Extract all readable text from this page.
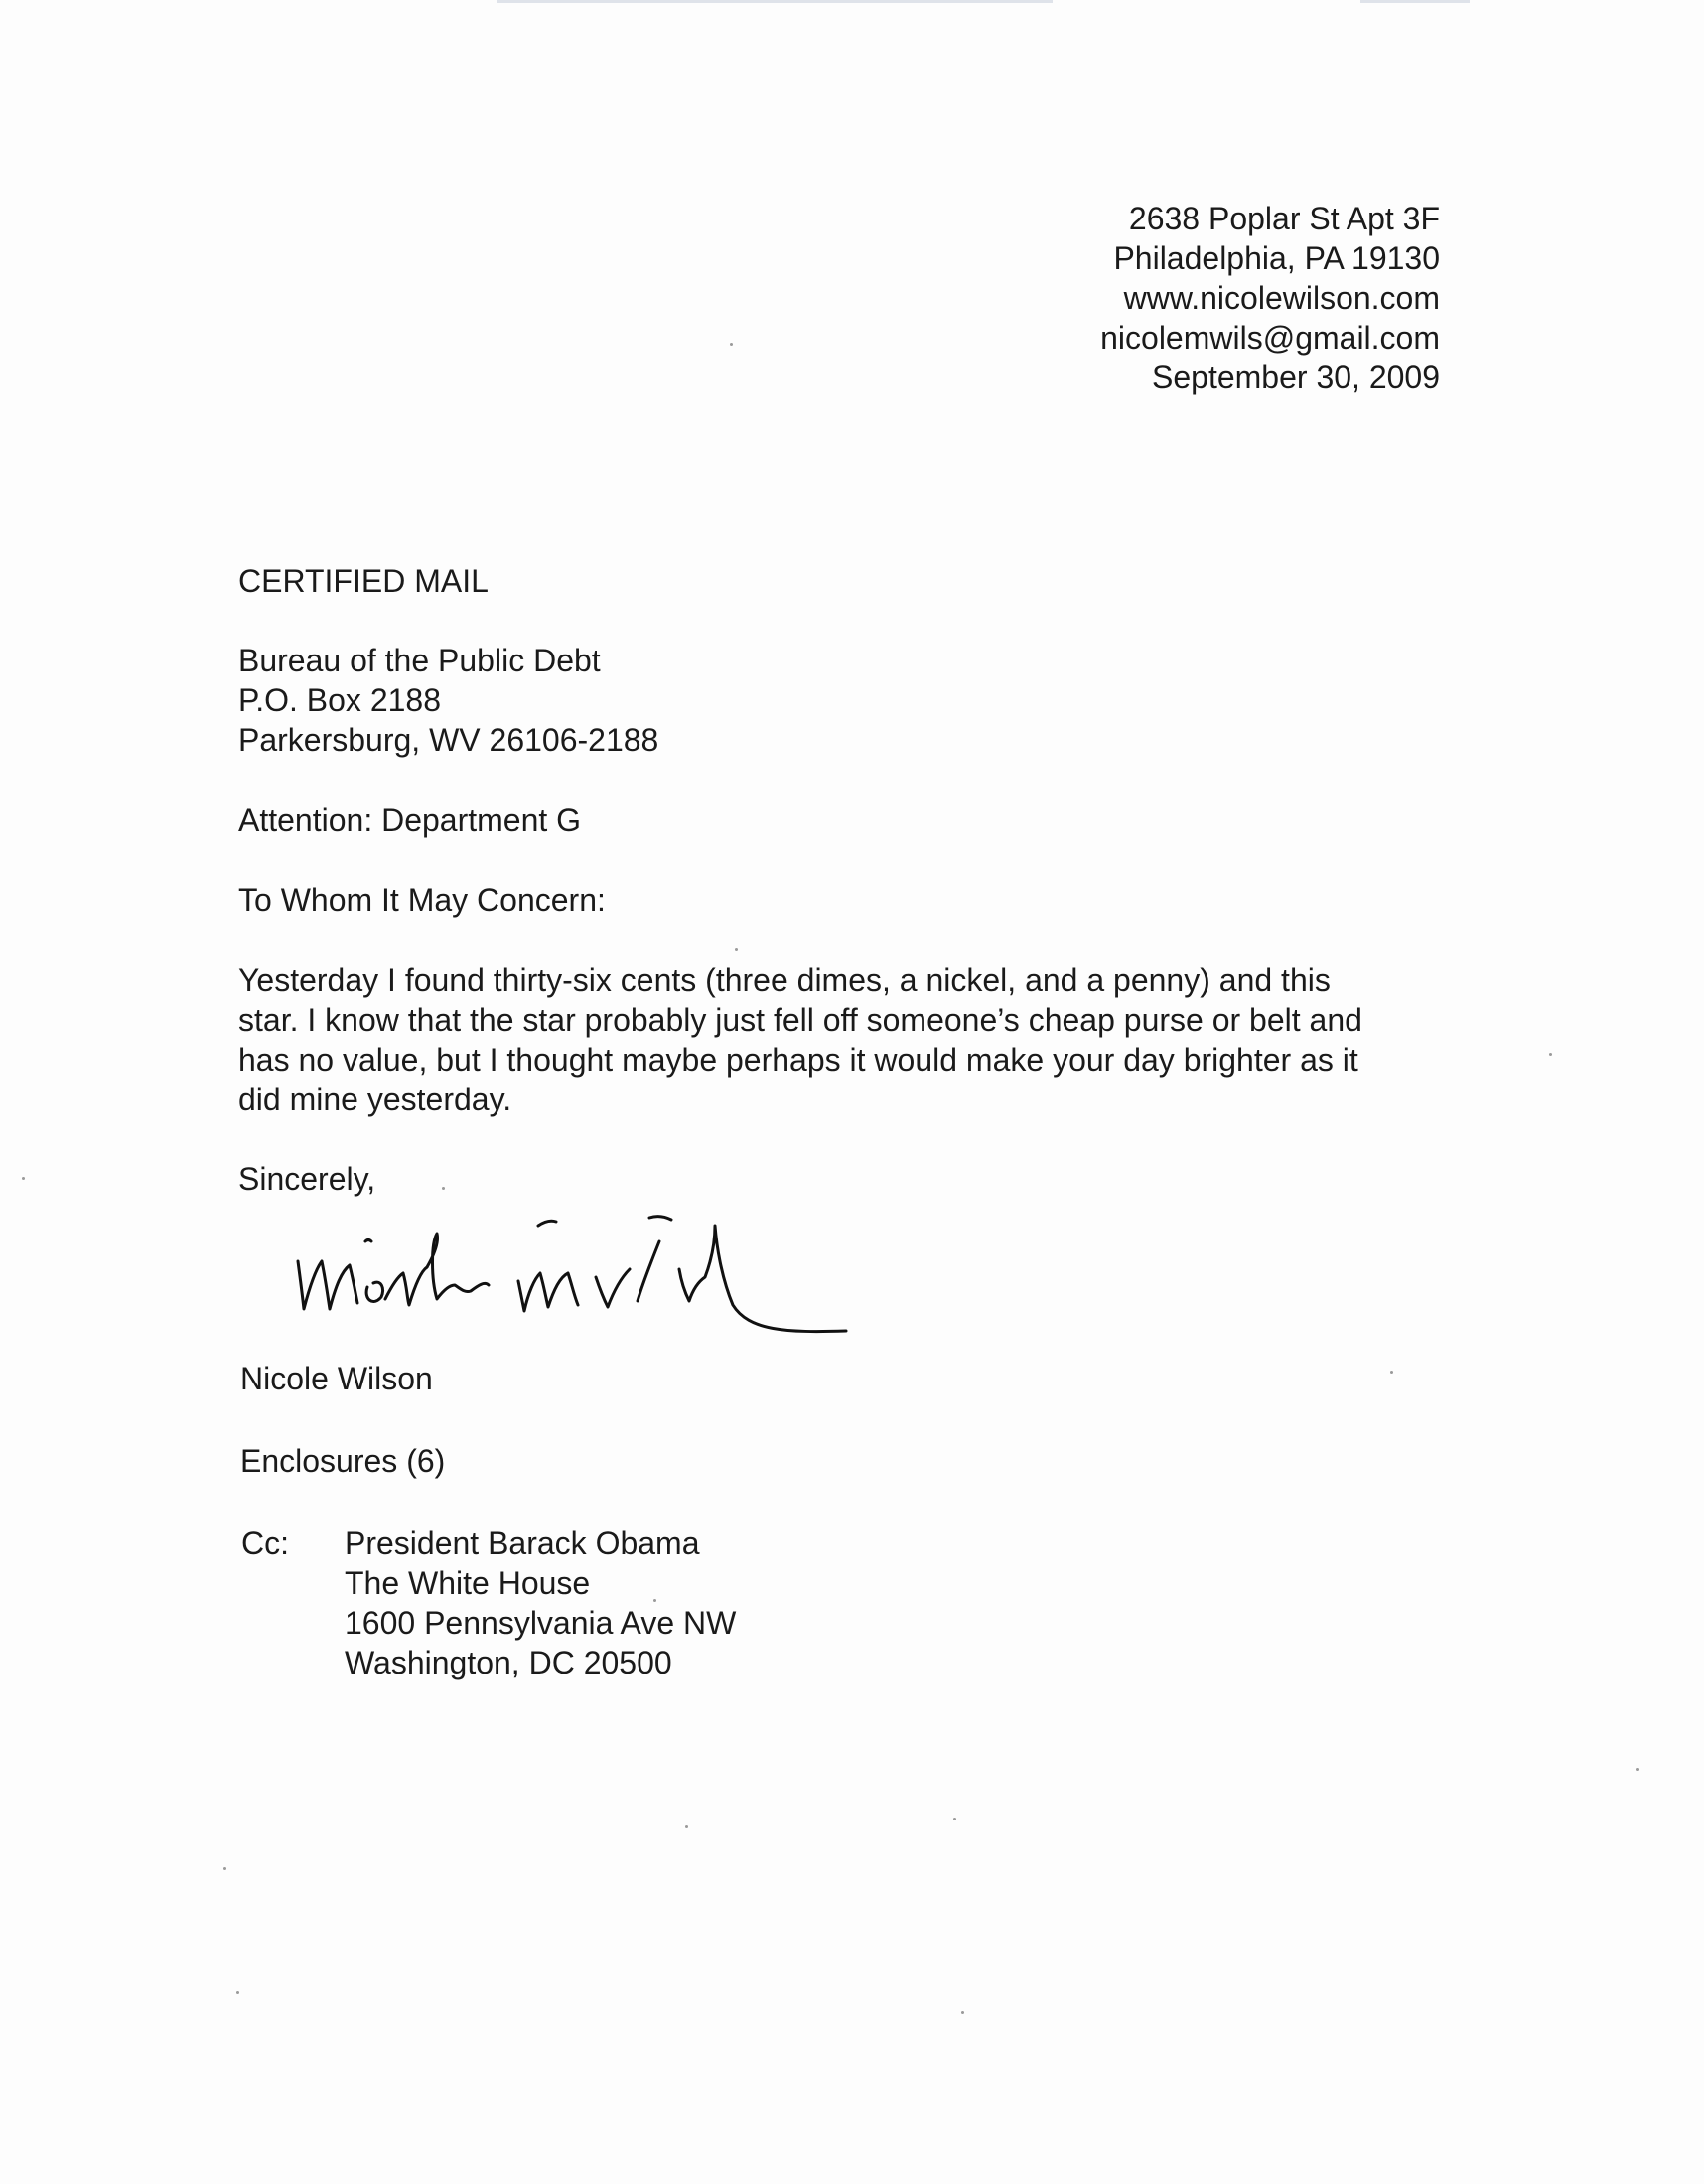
2638 Poplar St Apt 3F
Philadelphia, PA 19130
www.nicolewilson.com
nicolemwils@gmail.com
September 30, 2009

CERTIFIED MAIL

Bureau of the Public Debt
P.O. Box 2188
Parkersburg, WV 26106-2188

Attention: Department G

To Whom It May Concern:

Yesterday I found thirty-six cents (three dimes, a nickel, and a penny) and this
star. I know that the star probably just fell off someone’s cheap purse or belt and
has no value, but I thought maybe perhaps it would make your day brighter as it
did mine yesterday.

Sincerely,

Nicole Wilson

Enclosures (6)

Cc: President Barack Obama
The White House
1600 Pennsylvania Ave NW
Washington, DC 20500
